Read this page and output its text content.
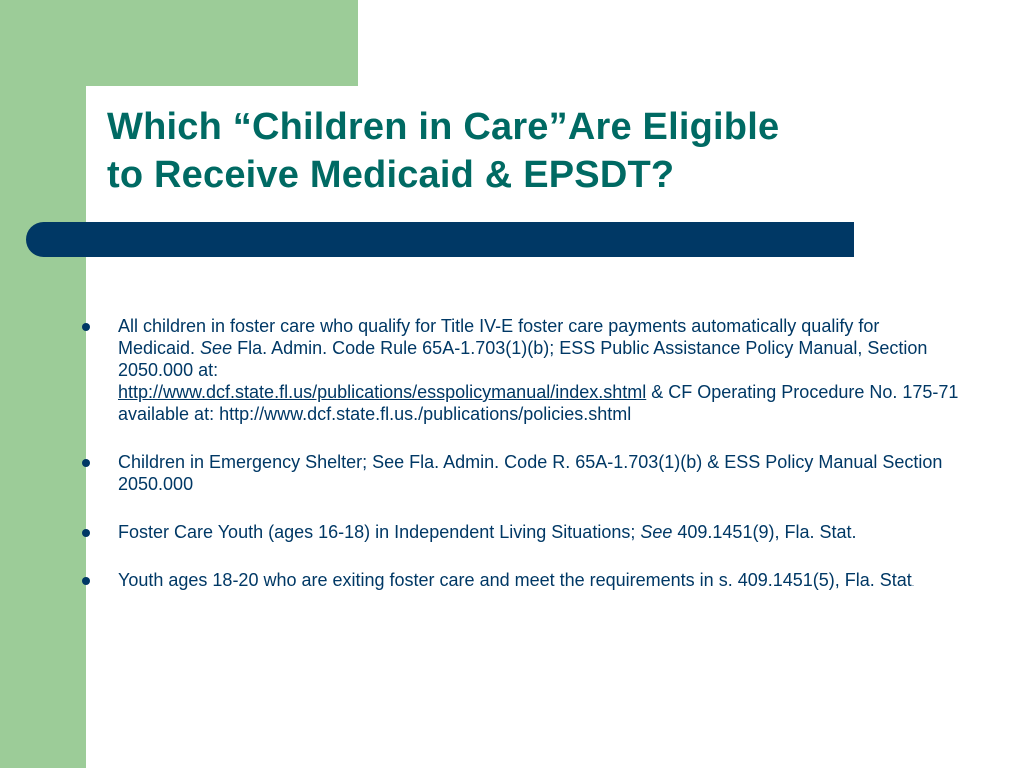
Which “Children in Care”Are Eligible
to Receive Medicaid & EPSDT?
All children in foster care who qualify for Title IV-E foster care payments automatically qualify for Medicaid. See Fla. Admin. Code Rule 65A-1.703(1)(b); ESS Public Assistance Policy Manual, Section 2050.000 at:
http://www.dcf.state.fl.us/publications/esspolicymanual/index.shtml & CF Operating Procedure No. 175-71 available at: http://www.dcf.state.fl.us./publications/policies.shtml
Children in Emergency Shelter; See Fla. Admin. Code R. 65A-1.703(1)(b) & ESS Policy Manual Section 2050.000
Foster Care Youth (ages 16-18) in Independent Living Situations; See 409.1451(9), Fla. Stat.
Youth ages 18-20 who are exiting foster care and meet the requirements in s. 409.1451(5), Fla. Stat.
